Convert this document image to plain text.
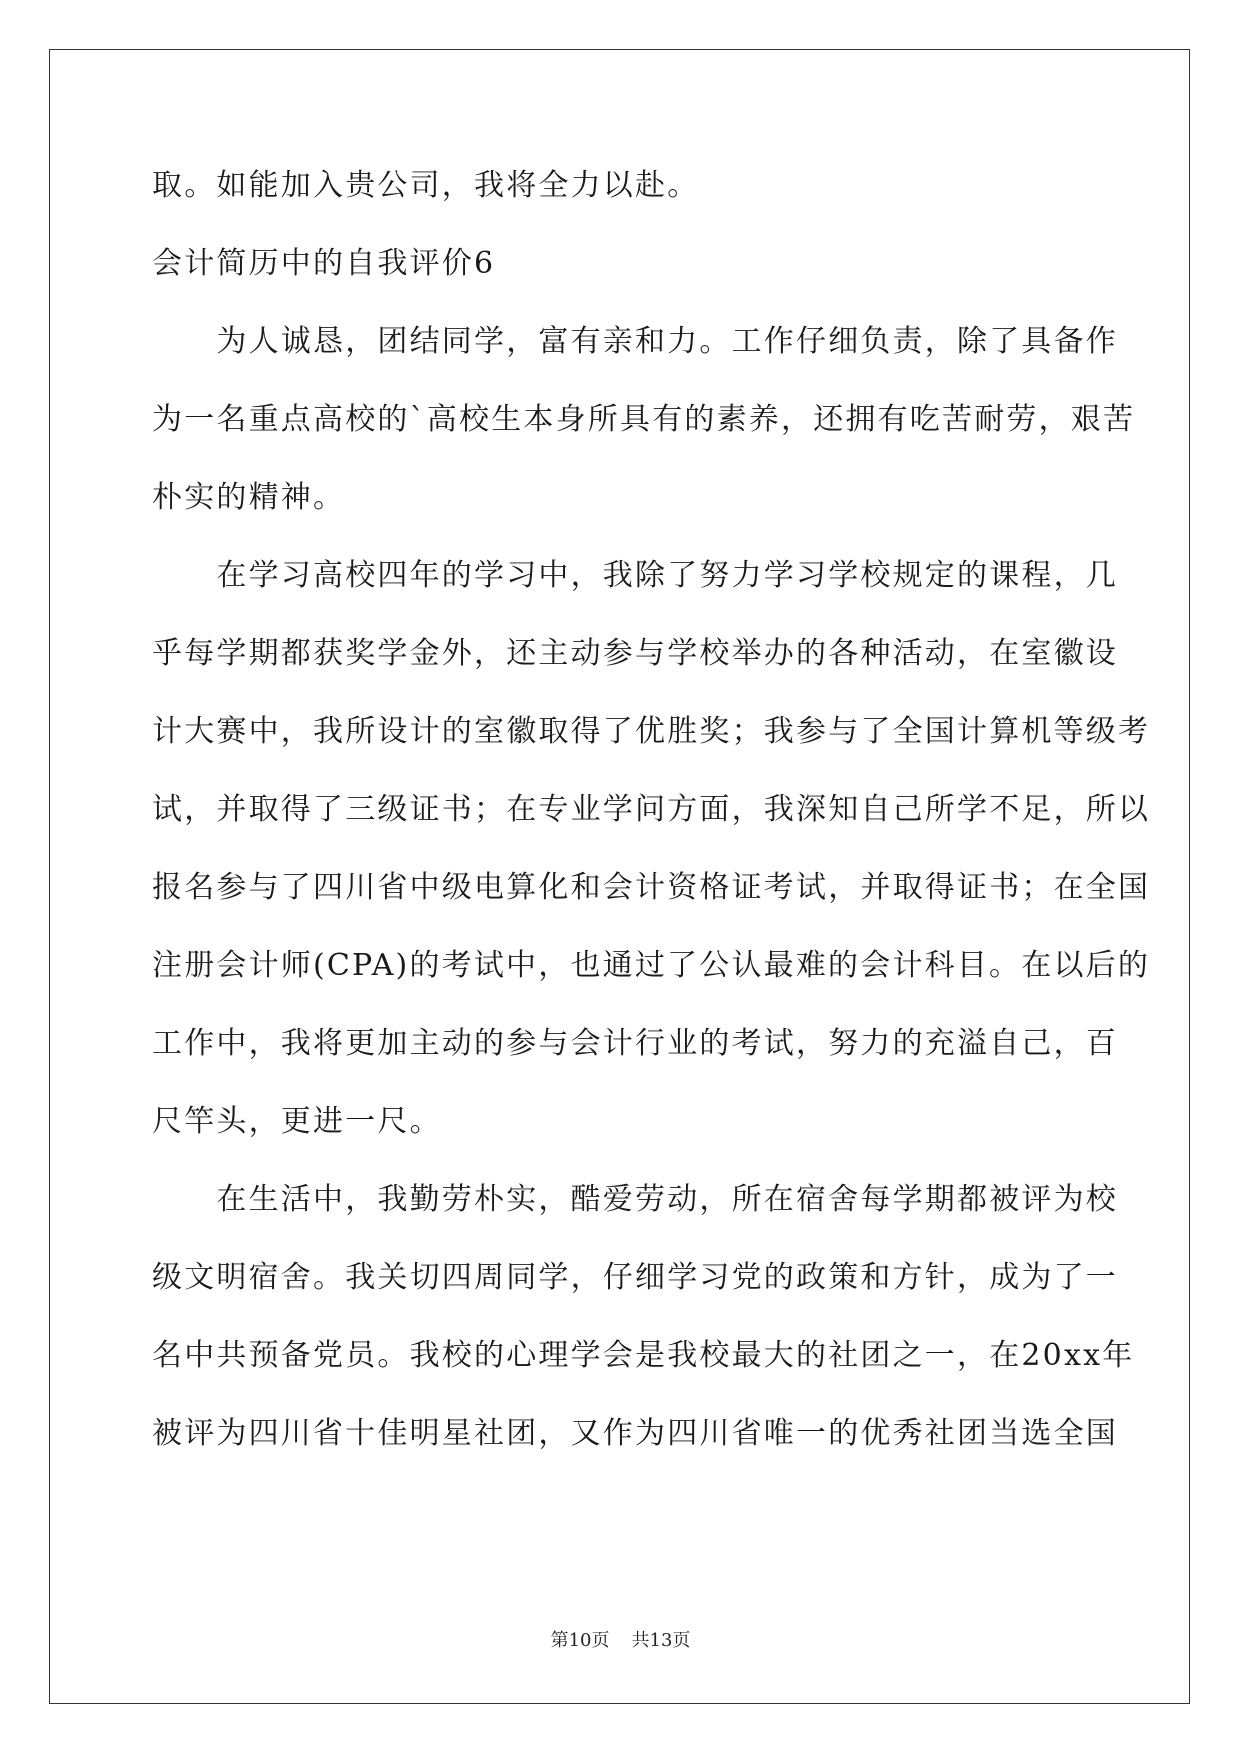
取。如能加入贵公司，我将全力以赴。
会计简历中的自我评价6
　　为人诚恳，团结同学，富有亲和力。工作仔细负责，除了具备作
为一名重点高校的`高校生本身所具有的素养，还拥有吃苦耐劳，艰苦
朴实的精神。
　　在学习高校四年的学习中，我除了努力学习学校规定的课程，几
乎每学期都获奖学金外，还主动参与学校举办的各种活动，在室徽设
计大赛中，我所设计的室徽取得了优胜奖；我参与了全国计算机等级考
试，并取得了三级证书；在专业学问方面，我深知自己所学不足，所以
报名参与了四川省中级电算化和会计资格证考试，并取得证书；在全国
注册会计师(CPA)的考试中，也通过了公认最难的会计科目。在以后的
工作中，我将更加主动的参与会计行业的考试，努力的充溢自己，百
尺竿头，更进一尺。
　　在生活中，我勤劳朴实，酷爱劳动，所在宿舍每学期都被评为校
级文明宿舍。我关切四周同学，仔细学习党的政策和方针，成为了一
名中共预备党员。我校的心理学会是我校最大的社团之一，在20xx年
被评为四川省十佳明星社团，又作为四川省唯一的优秀社团当选全国
第10页 共13页
